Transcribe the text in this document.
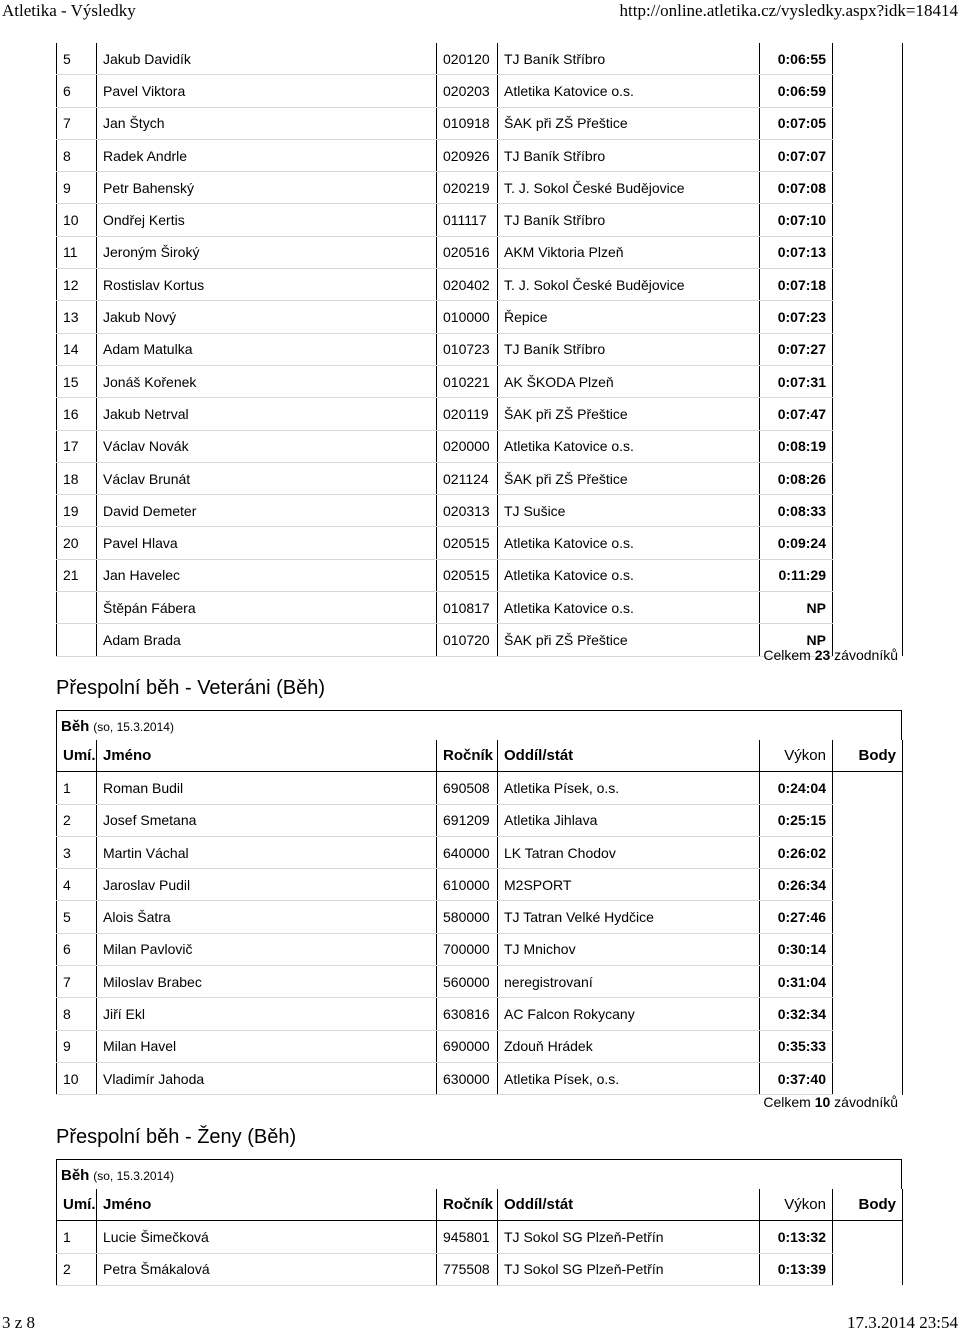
Atletika - Výsledky	http://online.atletika.cz/vysledky.aspx?idk=18414
5	Jakub Davidík	020120	TJ Baník Stříbro	0:06:55	
6	Pavel Viktora	020203	Atletika Katovice o.s.	0:06:59	
7	Jan Štych	010918	ŠAK při ZŠ Přeštice	0:07:05	
8	Radek Andrle	020926	TJ Baník Stříbro	0:07:07	
9	Petr Bahenský	020219	T. J. Sokol České Budějovice	0:07:08	
10	Ondřej Kertis	011117	TJ Baník Stříbro	0:07:10	
11	Jeroným Široký	020516	AKM Viktoria Plzeň	0:07:13	
12	Rostislav Kortus	020402	T. J. Sokol České Budějovice	0:07:18	
13	Jakub Nový	010000	Řepice	0:07:23	
14	Adam Matulka	010723	TJ Baník Stříbro	0:07:27	
15	Jonáš Kořenek	010221	AK ŠKODA Plzeň	0:07:31	
16	Jakub Netrval	020119	ŠAK při ZŠ Přeštice	0:07:47	
17	Václav Novák	020000	Atletika Katovice o.s.	0:08:19	
18	Václav Brunát	021124	ŠAK při ZŠ Přeštice	0:08:26	
19	David Demeter	020313	TJ Sušice	0:08:33	
20	Pavel Hlava	020515	Atletika Katovice o.s.	0:09:24	
21	Jan Havelec	020515	Atletika Katovice o.s.	0:11:29	
	Štěpán Fábera	010817	Atletika Katovice o.s.	NP	
	Adam Brada	010720	ŠAK při ZŠ Přeštice	NP	
Celkem 23 závodníků
Přespolní běh - Veteráni (Běh)
Běh (so, 15.3.2014)
Umí.	Jméno	Ročník	Oddíl/stát	Výkon	Body
1	Roman Budil	690508	Atletika Písek, o.s.	0:24:04	
2	Josef Smetana	691209	Atletika Jihlava	0:25:15	
3	Martin Váchal	640000	LK Tatran Chodov	0:26:02	
4	Jaroslav Pudil	610000	M2SPORT	0:26:34	
5	Alois Šatra	580000	TJ Tatran Velké Hydčice	0:27:46	
6	Milan Pavlovič	700000	TJ Mnichov	0:30:14	
7	Miloslav Brabec	560000	neregistrovaní	0:31:04	
8	Jiří Ekl	630816	AC Falcon Rokycany	0:32:34	
9	Milan Havel	690000	Zdouň Hrádek	0:35:33	
10	Vladimír Jahoda	630000	Atletika Písek, o.s.	0:37:40	
Celkem 10 závodníků
Přespolní běh - Ženy (Běh)
Běh (so, 15.3.2014)
Umí.	Jméno	Ročník	Oddíl/stát	Výkon	Body
1	Lucie Šimečková	945801	TJ Sokol SG Plzeň-Petřín	0:13:32	
2	Petra Šmákalová	775508	TJ Sokol SG Plzeň-Petřín	0:13:39	
3 z 8	17.3.2014 23:54
